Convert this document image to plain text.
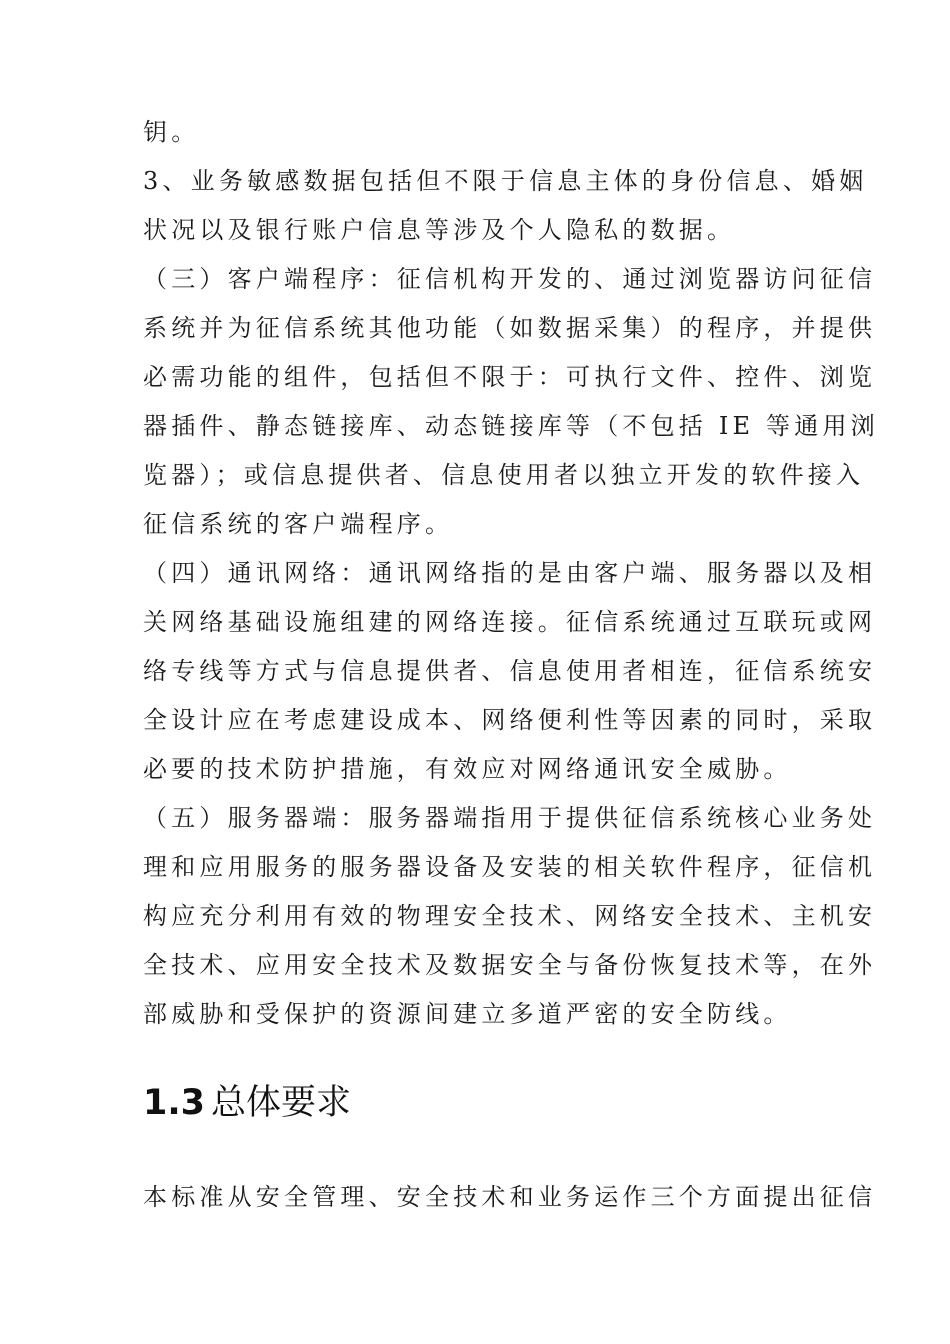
钥。
3、业务敏感数据包括但不限于信息主体的身份信息、婚姻
状况以及银行账户信息等涉及个人隐私的数据。
（三）客户端程序：征信机构开发的、通过浏览器访问征信
系统并为征信系统其他功能（如数据采集）的程序，并提供
必需功能的组件，包括但不限于：可执行文件、控件、浏览
器插件、静态链接库、动态链接库等（不包括 IE 等通用浏
览器）；或信息提供者、信息使用者以独立开发的软件接入
征信系统的客户端程序。
（四）通讯网络：通讯网络指的是由客户端、服务器以及相
关网络基础设施组建的网络连接。征信系统通过互联玩或网
络专线等方式与信息提供者、信息使用者相连，征信系统安
全设计应在考虑建设成本、网络便利性等因素的同时，采取
必要的技术防护措施，有效应对网络通讯安全威胁。
（五）服务器端：服务器端指用于提供征信系统核心业务处
理和应用服务的服务器设备及安装的相关软件程序，征信机
构应充分利用有效的物理安全技术、网络安全技术、主机安
全技术、应用安全技术及数据安全与备份恢复技术等，在外
部威胁和受保护的资源间建立多道严密的安全防线。
1.3 总体要求
本标准从安全管理、安全技术和业务运作三个方面提出征信
